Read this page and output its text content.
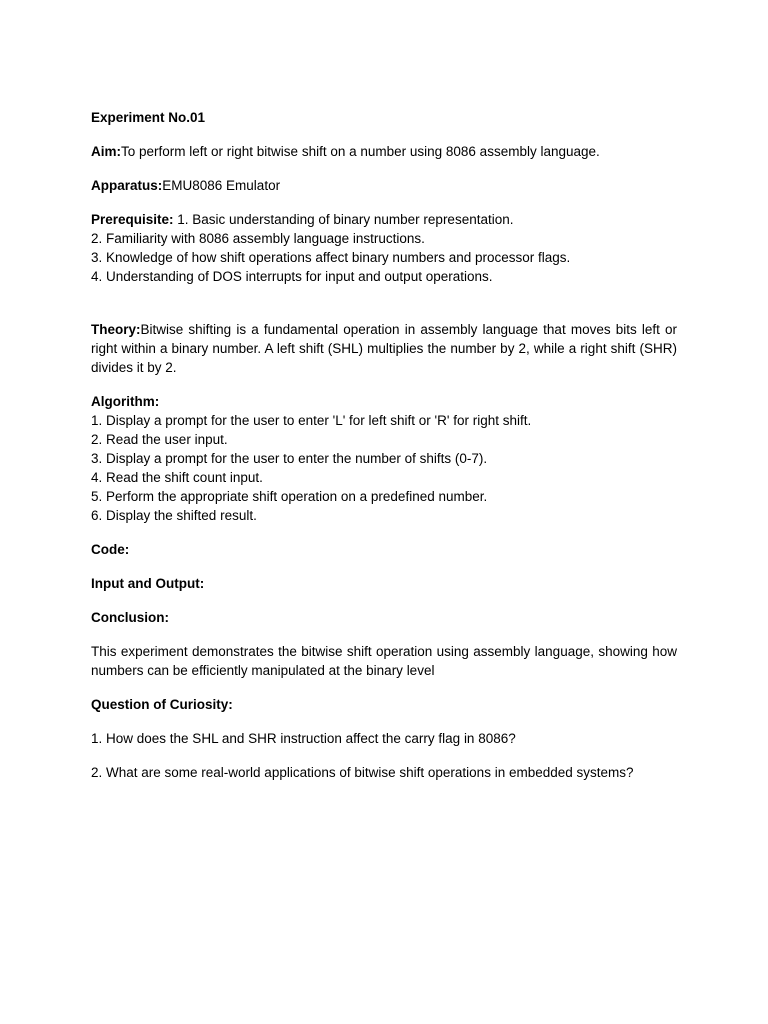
Experiment No.01

Aim:To perform left or right bitwise shift on a number using 8086 assembly language.

Apparatus:EMU8086 Emulator

Prerequisite: 1. Basic understanding of binary number representation.
2. Familiarity with 8086 assembly language instructions.
3. Knowledge of how shift operations affect binary numbers and processor flags.
4. Understanding of DOS interrupts for input and output operations.

Theory:Bitwise shifting is a fundamental operation in assembly language that moves bits left or right within a binary number. A left shift (SHL) multiplies the number by 2, while a right shift (SHR) divides it by 2.

Algorithm:
1. Display a prompt for the user to enter 'L' for left shift or 'R' for right shift.
2. Read the user input.
3. Display a prompt for the user to enter the number of shifts (0-7).
4. Read the shift count input.
5. Perform the appropriate shift operation on a predefined number.
6. Display the shifted result.

Code:

Input and Output:

Conclusion:

This experiment demonstrates the bitwise shift operation using assembly language, showing how numbers can be efficiently manipulated at the binary level

Question of Curiosity:

1. How does the SHL and SHR instruction affect the carry flag in 8086?

2. What are some real-world applications of bitwise shift operations in embedded systems?
